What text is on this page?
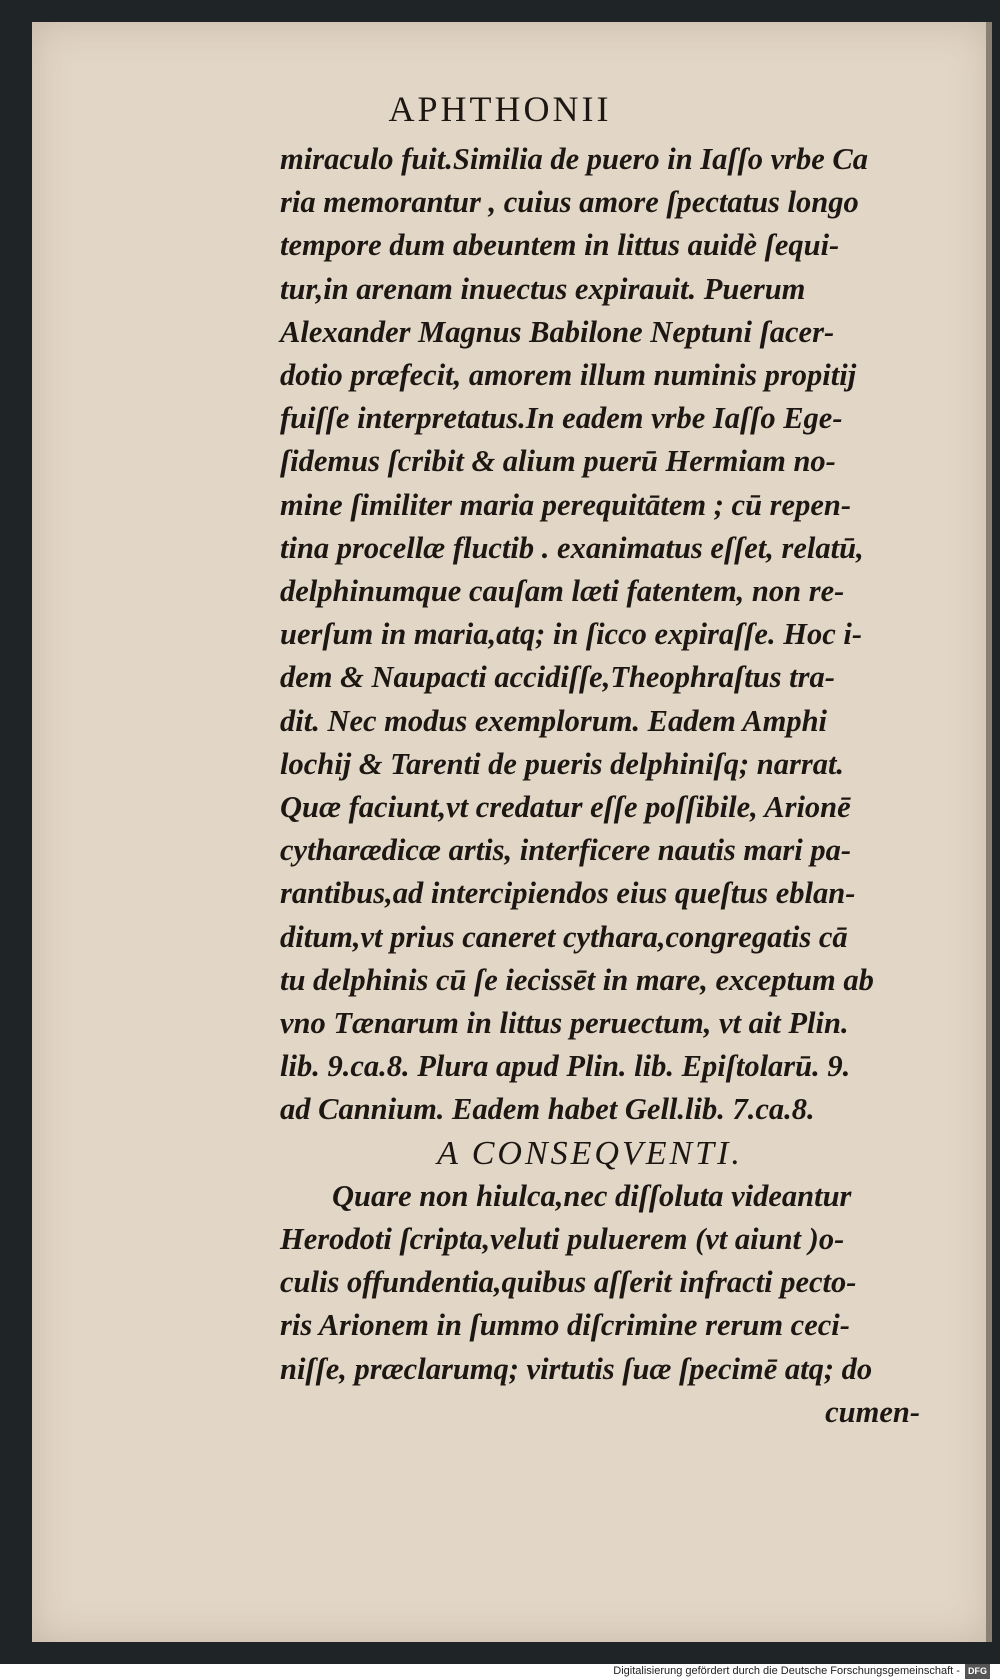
APHTHONII
miraculo fuit.Similia de puero in Iaſſo vrbe Ca
ria memorantur , cuius amore ſpectatus longo
tempore dum abeuntem in littus auidè ſequi-
tur,in arenam inuectus expirauit. Puerum
Alexander Magnus Babilone Neptuni ſacer-
dotio præfecit, amorem illum numinis propitij
fuiſſe interpretatus.In eadem vrbe Iaſſo Ege-
ſidemus ſcribit & alium puerū Hermiam no-
mine ſimiliter maria perequitātem ; cū repen-
tina procellæ fluctib . exanimatus eſſet, relatū,
delphinumque cauſam læti fatentem, non re-
uerſum in maria,atq; in ſicco expiraſſe. Hoc i-
dem & Naupacti accidiſſe,Theophraſtus tra-
dit. Nec modus exemplorum. Eadem Amphi
lochij & Tarenti de pueris delphiniſq; narrat.
Quæ faciunt,vt credatur eſſe poſſibile, Arionē
cytharædicæ artis, interficere nautis mari pa-
rantibus,ad intercipiendos eius queſtus eblan-
ditum,vt prius caneret cythara,congregatis cā
tu delphinis cū ſe iecissēt in mare, exceptum ab
vno Tænarum in littus peruectum, vt ait Plin.
lib. 9.ca.8. Plura apud Plin. lib. Epiſtolarū. 9.
ad Cannium. Eadem habet Gell.lib. 7.ca.8.
A CONSEQVENTI.
Quare non hiulca,nec diſſoluta videantur
Herodoti ſcripta,veluti puluerem (vt aiunt )o-
culis offundentia,quibus aſſerit infracti pecto-
ris Arionem in ſummo diſcrimine rerum ceci-
niſſe, præclarumq; virtutis ſuæ ſpecimē atq; do
cumen-
Digitalisierung gefördert durch die Deutsche Forschungsgemeinschaft - DFG
